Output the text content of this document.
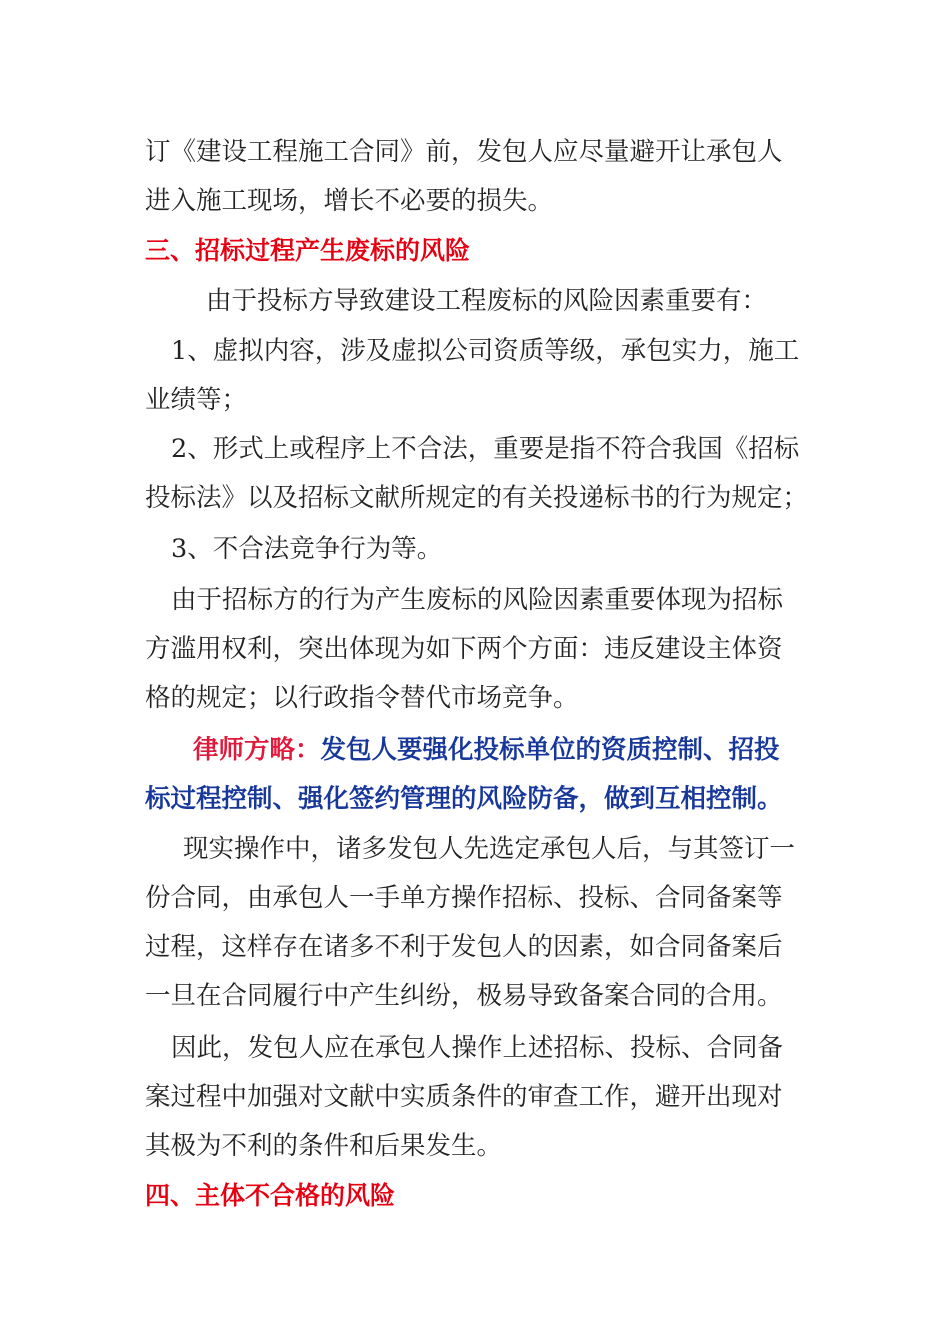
订《建设工程施工合同》前，发包人应尽量避开让承包人
进入施工现场，增长不必要的损失。
三、招标过程产生废标的风险
由于投标方导致建设工程废标的风险因素重要有：
1、虚拟内容，涉及虚拟公司资质等级，承包实力，施工
业绩等；
2、形式上或程序上不合法，重要是指不符合我国《招标
投标法》以及招标文献所规定的有关投递标书的行为规定；
3、不合法竞争行为等。
由于招标方的行为产生废标的风险因素重要体现为招标
方滥用权利，突出体现为如下两个方面：违反建设主体资
格的规定；以行政指令替代市场竞争。
律师方略：发包人要强化投标单位的资质控制、招投
标过程控制、强化签约管理的风险防备，做到互相控制。
现实操作中，诸多发包人先选定承包人后，与其签订一
份合同，由承包人一手单方操作招标、投标、合同备案等
过程，这样存在诸多不利于发包人的因素，如合同备案后
一旦在合同履行中产生纠纷，极易导致备案合同的合用。
因此，发包人应在承包人操作上述招标、投标、合同备
案过程中加强对文献中实质条件的审查工作，避开出现对
其极为不利的条件和后果发生。
四、主体不合格的风险
